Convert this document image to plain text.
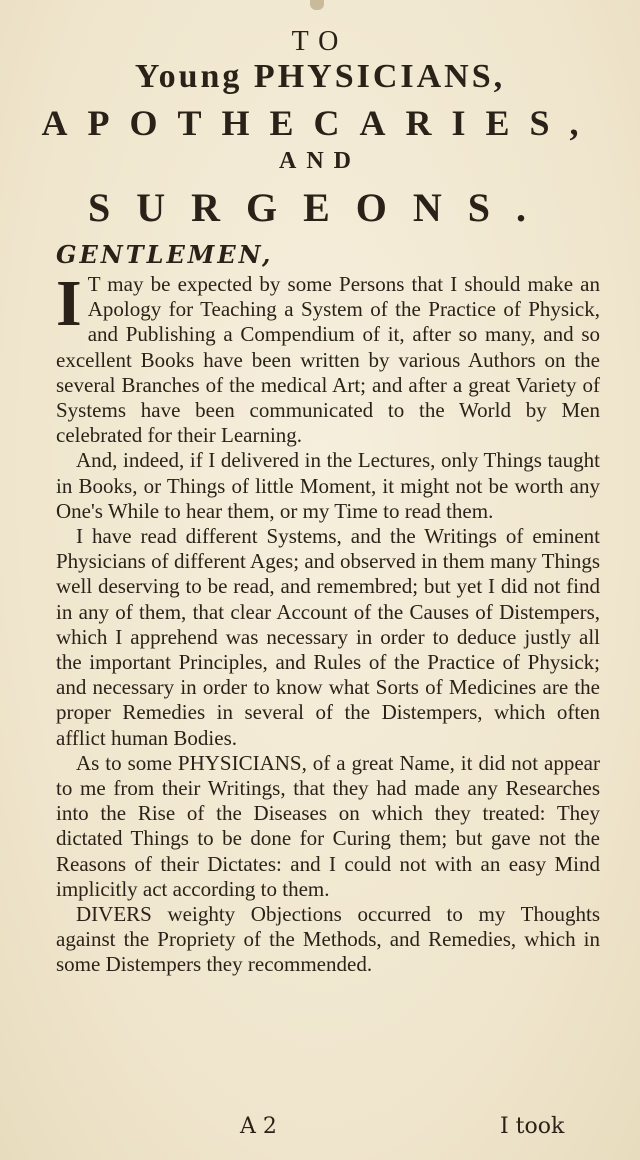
TO
Young PHYSICIANS,
APOTHECARIES,
AND
SURGEONS.
GENTLEMEN,

I T may be expected by some Persons that I should make an Apology for Teaching a System of the Practice of Physick, and Publishing a Compendium of it, after so many, and so excellent Books have been written by various Authors on the several Branches of the medical Art; and after a great Variety of Systems have been communicated to the World by Men celebrated for their Learning.

And, indeed, if I delivered in the Lectures, only Things taught in Books, or Things of little Moment, it might not be worth any One's While to hear them, or my Time to read them.

I have read different Systems, and the Writings of eminent Physicians of different Ages; and observed in them many Things well deserving to be read, and remembred; but yet I did not find in any of them, that clear Account of the Causes of Distempers, which I apprehend was necessary in order to deduce justly all the important Principles, and Rules of the Practice of Physick; and necessary in order to know what Sorts of Medicines are the proper Remedies in several of the Distempers, which often afflict human Bodies.

As to some PHYSICIANS, of a great Name, it did not appear to me from their Writings, that they had made any Researches into the Rise of the Diseases on which they treated: They dictated Things to be done for Curing them; but gave not the Reasons of their Dictates: and I could not with an easy Mind implicitly act according to them.

DIVERS weighty Objections occurred to my Thoughts against the Propriety of the Methods, and Remedies, which in some Distempers they recommended.

A 2	I took
